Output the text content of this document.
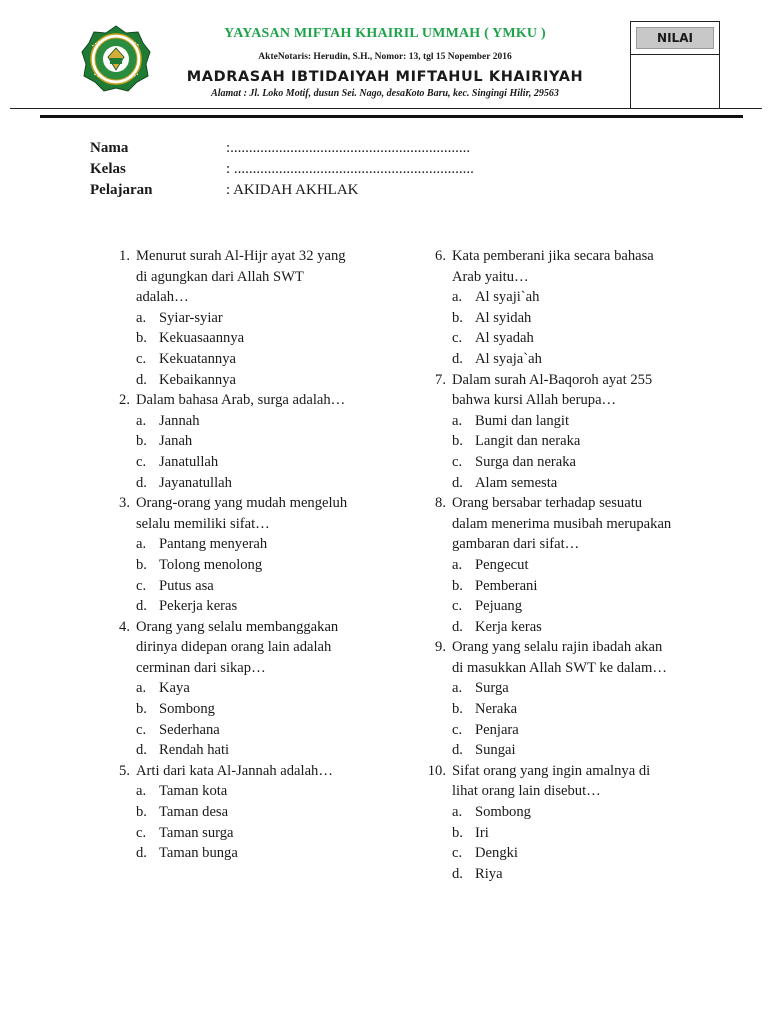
YAYASAN MIFTAH KHAIRIL UMMAH ( YMKU )
AkteNotaris: Herudin, S.H., Nomor: 13, tgl 15 Nopember 2016
MADRASAH IBTIDAIYAH MIFTAHUL KHAIRIYAH
Alamat : Jl. Loko Motif, dusun Sei. Nago, desaKoto Baru, kec. Singingi Hilir, 29563
NILAI
Nama	:................................................................
Kelas	: ................................................................
Pelajaran	: AKIDAH AKHLAK
1. Menurut surah Al-Hijr ayat 32 yang
di agungkan dari Allah SWT
adalah…
a. Syiar-syiar
b. Kekuasaannya
c. Kekuatannya
d. Kebaikannya
2. Dalam bahasa Arab, surga adalah…
a. Jannah
b. Janah
c. Janatullah
d. Jayanatullah
3. Orang-orang yang mudah mengeluh
selalu memiliki sifat…
a. Pantang menyerah
b. Tolong menolong
c. Putus asa
d. Pekerja keras
4. Orang yang selalu membanggakan
dirinya didepan orang lain adalah
cerminan dari sikap…
a. Kaya
b. Sombong
c. Sederhana
d. Rendah hati
5. Arti dari kata Al-Jannah adalah…
a. Taman kota
b. Taman desa
c. Taman surga
d. Taman bunga
6. Kata pemberani jika secara bahasa
Arab yaitu…
a. Al syaji`ah
b. Al syidah
c. Al syadah
d. Al syaja`ah
7. Dalam surah Al-Baqoroh ayat 255
bahwa kursi Allah berupa…
a. Bumi dan langit
b. Langit dan neraka
c. Surga dan neraka
d. Alam semesta
8. Orang bersabar terhadap sesuatu
dalam menerima musibah merupakan
gambaran dari sifat…
a. Pengecut
b. Pemberani
c. Pejuang
d. Kerja keras
9. Orang yang selalu rajin ibadah akan
di masukkan Allah SWT ke dalam…
a. Surga
b. Neraka
c. Penjara
d. Sungai
10. Sifat orang yang ingin amalnya di
lihat orang lain disebut…
a. Sombong
b. Iri
c. Dengki
d. Riya
